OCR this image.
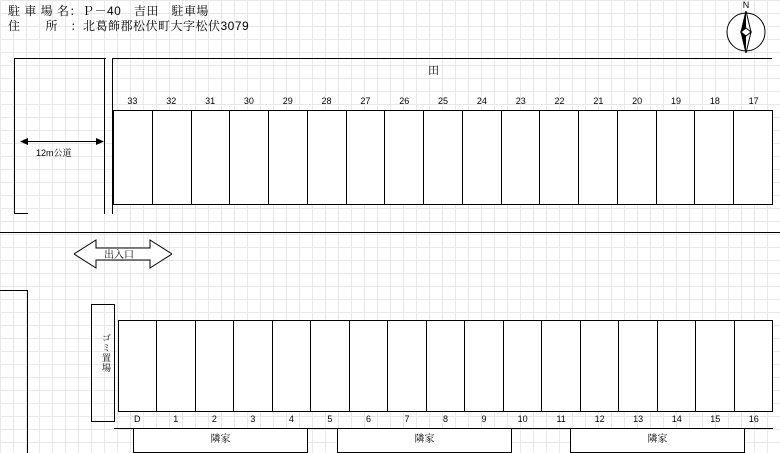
駐 車 場 名：Ｐ－40　吉田　駐車場
住　　所　：北葛飾郡松伏町大字松伏3079
N
田
12m公道
33	32	31	30	29	28	27	26	25	24	23	22	21	20	19	18	17
出入口
ゴミ置場
D	1	2	3	4	5	6	7	8	9	10	11	12	13	14	15	16
隣家	隣家	隣家
